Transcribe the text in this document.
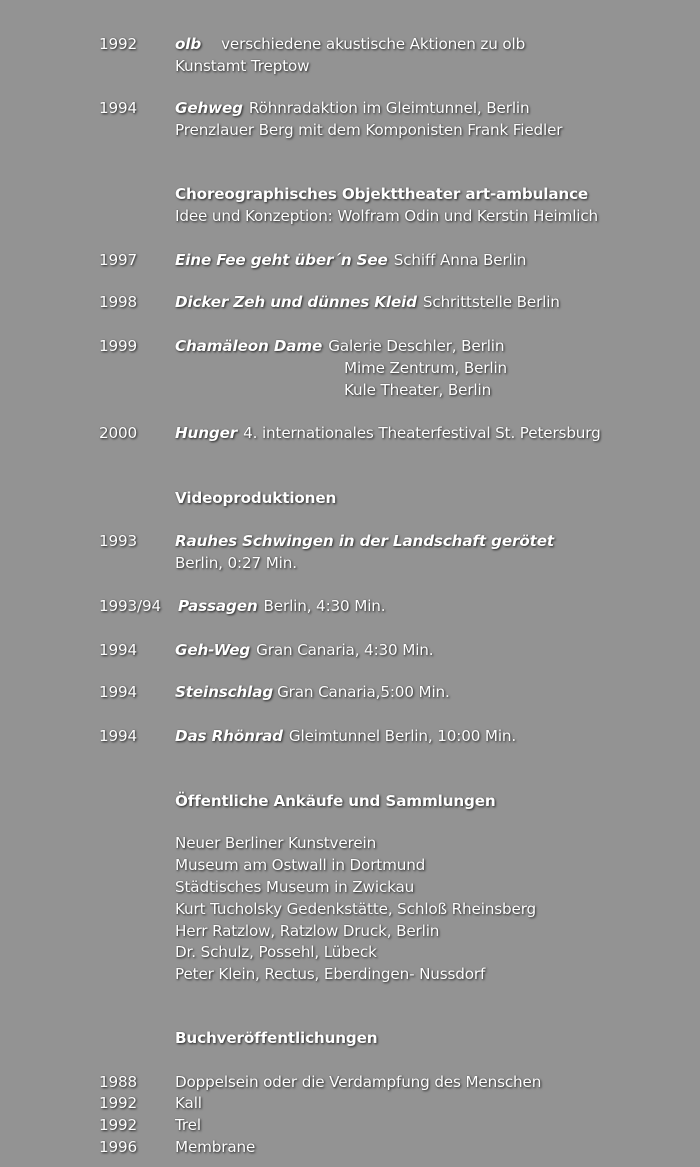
1992 olb verschiedene akustische Aktionen zu olb
Kunstamt Treptow
1994 Gehweg Röhnradaktion im Gleimtunnel, Berlin
Prenzlauer Berg mit dem Komponisten Frank Fiedler
Choreographisches Objekttheater art-ambulance
Idee und Konzeption: Wolfram Odin und Kerstin Heimlich
1997 Eine Fee geht über´n See Schiff Anna Berlin
1998 Dicker Zeh und dünnes Kleid Schrittstelle Berlin
1999 Chamäleon Dame Galerie Deschler, Berlin
Mime Zentrum, Berlin
Kule Theater, Berlin
2000 Hunger 4. internationales Theaterfestival St. Petersburg
Videoproduktionen
1993 Rauhes Schwingen in der Landschaft gerötet
Berlin, 0:27 Min.
1993/94 Passagen Berlin, 4:30 Min.
1994 Geh-Weg Gran Canaria, 4:30 Min.
1994 Steinschlag Gran Canaria,5:00 Min.
1994 Das Rhönrad Gleimtunnel Berlin, 10:00 Min.
Öffentliche Ankäufe und Sammlungen
Neuer Berliner Kunstverein
Museum am Ostwall in Dortmund
Städtisches Museum in Zwickau
Kurt Tucholsky Gedenkstätte, Schloß Rheinsberg
Herr Ratzlow, Ratzlow Druck, Berlin
Dr. Schulz, Possehl, Lübeck
Peter Klein, Rectus, Eberdingen- Nussdorf
Buchveröffentlichungen
1988 Doppelsein oder die Verdampfung des Menschen
1992 Kall
1992 Trel
1996 Membrane
